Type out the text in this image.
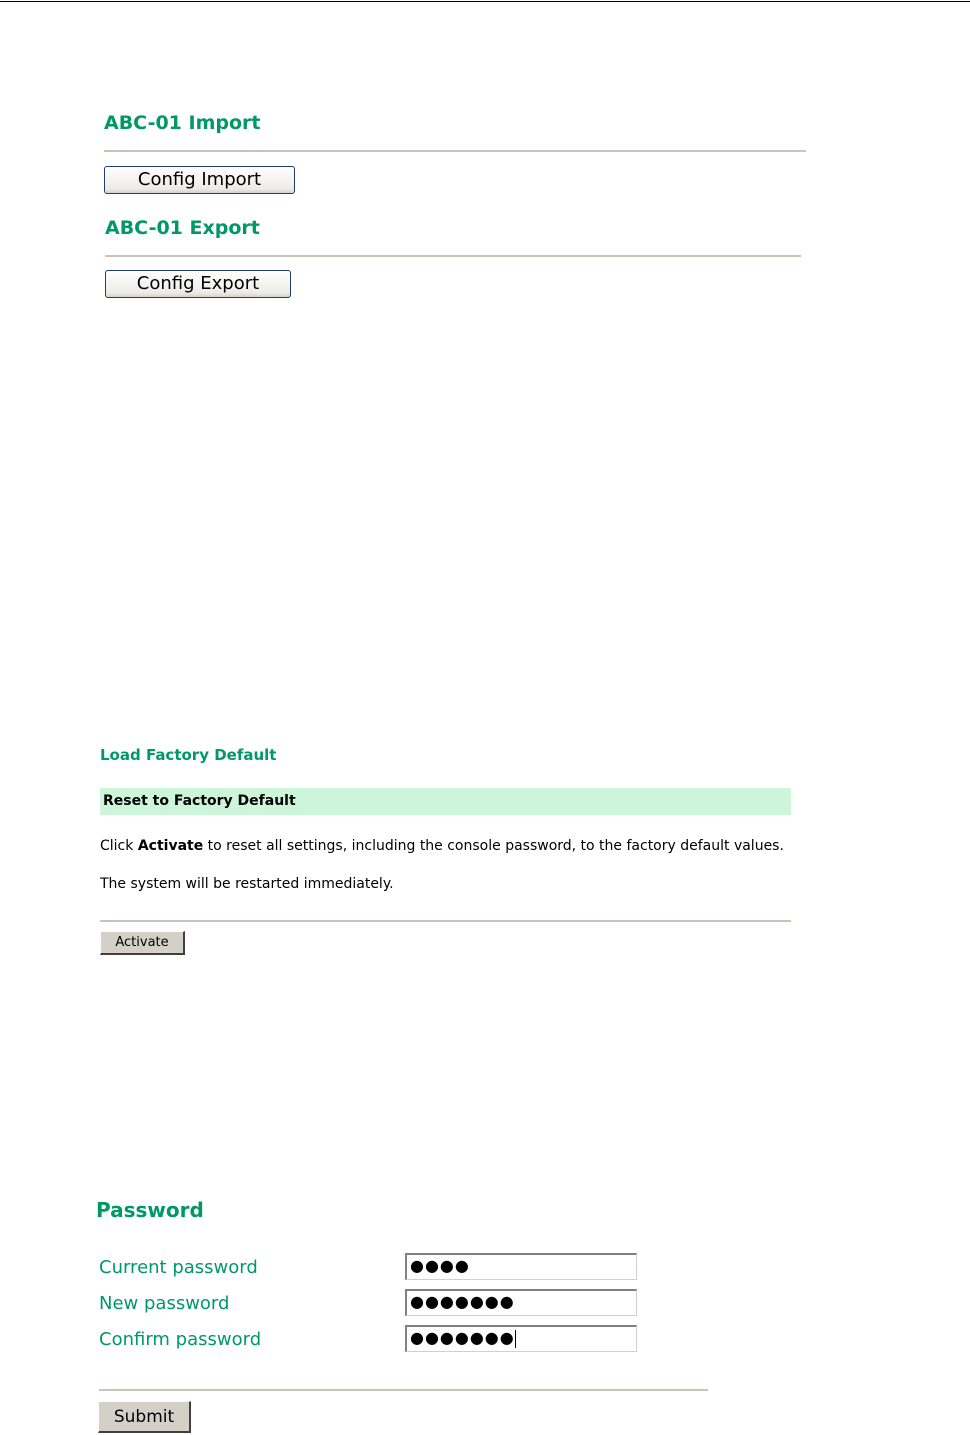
ABC-01 Import
Config Import
ABC-01 Export
Config Export
Load Factory Default
Reset to Factory Default
Click Activate to reset all settings, including the console password, to the factory default values.
The system will be restarted immediately.
Activate
Password
Current password	●●●●
New password	●●●●●●●
Confirm password	●●●●●●●
Submit
